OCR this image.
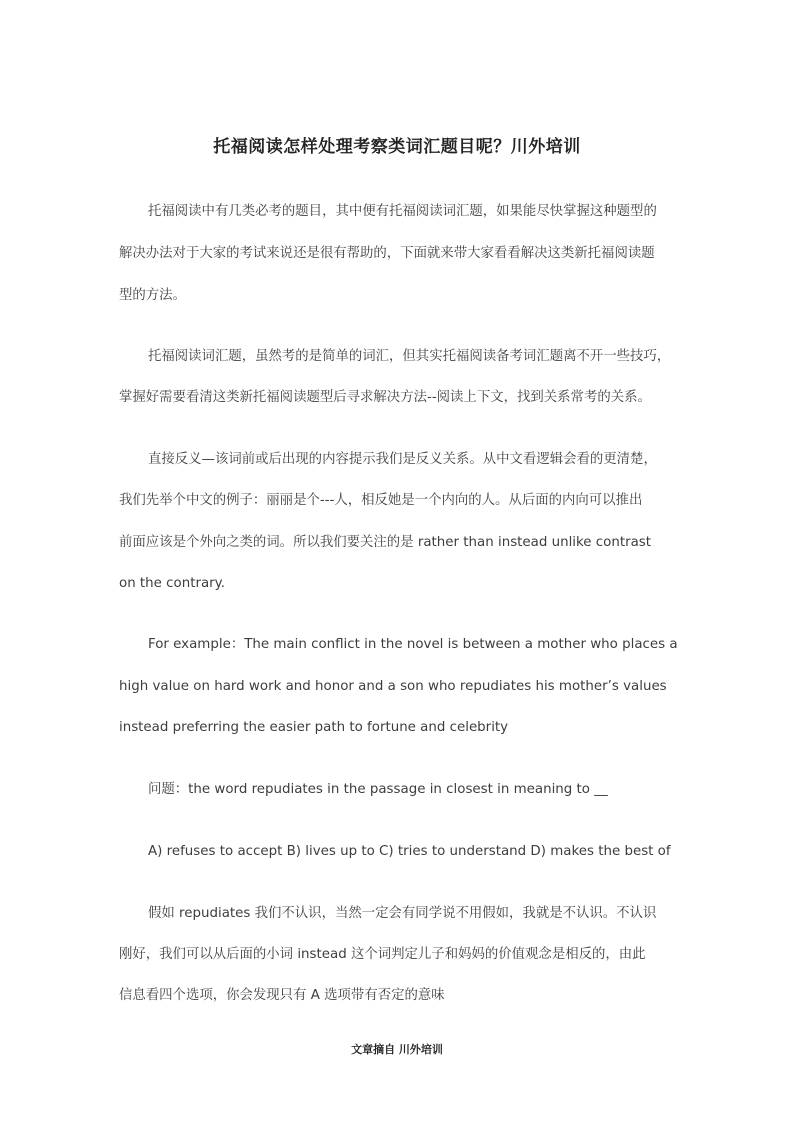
托福阅读怎样处理考察类词汇题目呢？川外培训
托福阅读中有几类必考的题目，其中便有托福阅读词汇题，如果能尽快掌握这种题型的
解决办法对于大家的考试来说还是很有帮助的，下面就来带大家看看解决这类新托福阅读题
型的方法。
托福阅读词汇题，虽然考的是简单的词汇，但其实托福阅读备考词汇题离不开一些技巧，
掌握好需要看清这类新托福阅读题型后寻求解决方法--阅读上下文，找到关系常考的关系。
直接反义—该词前或后出现的内容提示我们是反义关系。从中文看逻辑会看的更清楚，
我们先举个中文的例子：丽丽是个---人，相反她是一个内向的人。从后面的内向可以推出
前面应该是个外向之类的词。所以我们要关注的是 rather than instead unlike contrast
on the contrary.
For example：The main conflict in the novel is between a mother who places a
high value on hard work and honor and a son who repudiates his mother’s values
instead preferring the easier path to fortune and celebrity
问题：the word repudiates in the passage in closest in meaning to __
A) refuses to accept B) lives up to C) tries to understand D) makes the best of
假如 repudiates 我们不认识，当然一定会有同学说不用假如，我就是不认识。不认识
刚好，我们可以从后面的小词 instead 这个词判定儿子和妈妈的价值观念是相反的，由此
信息看四个选项，你会发现只有 A 选项带有否定的意味
文章摘自 川外培训
